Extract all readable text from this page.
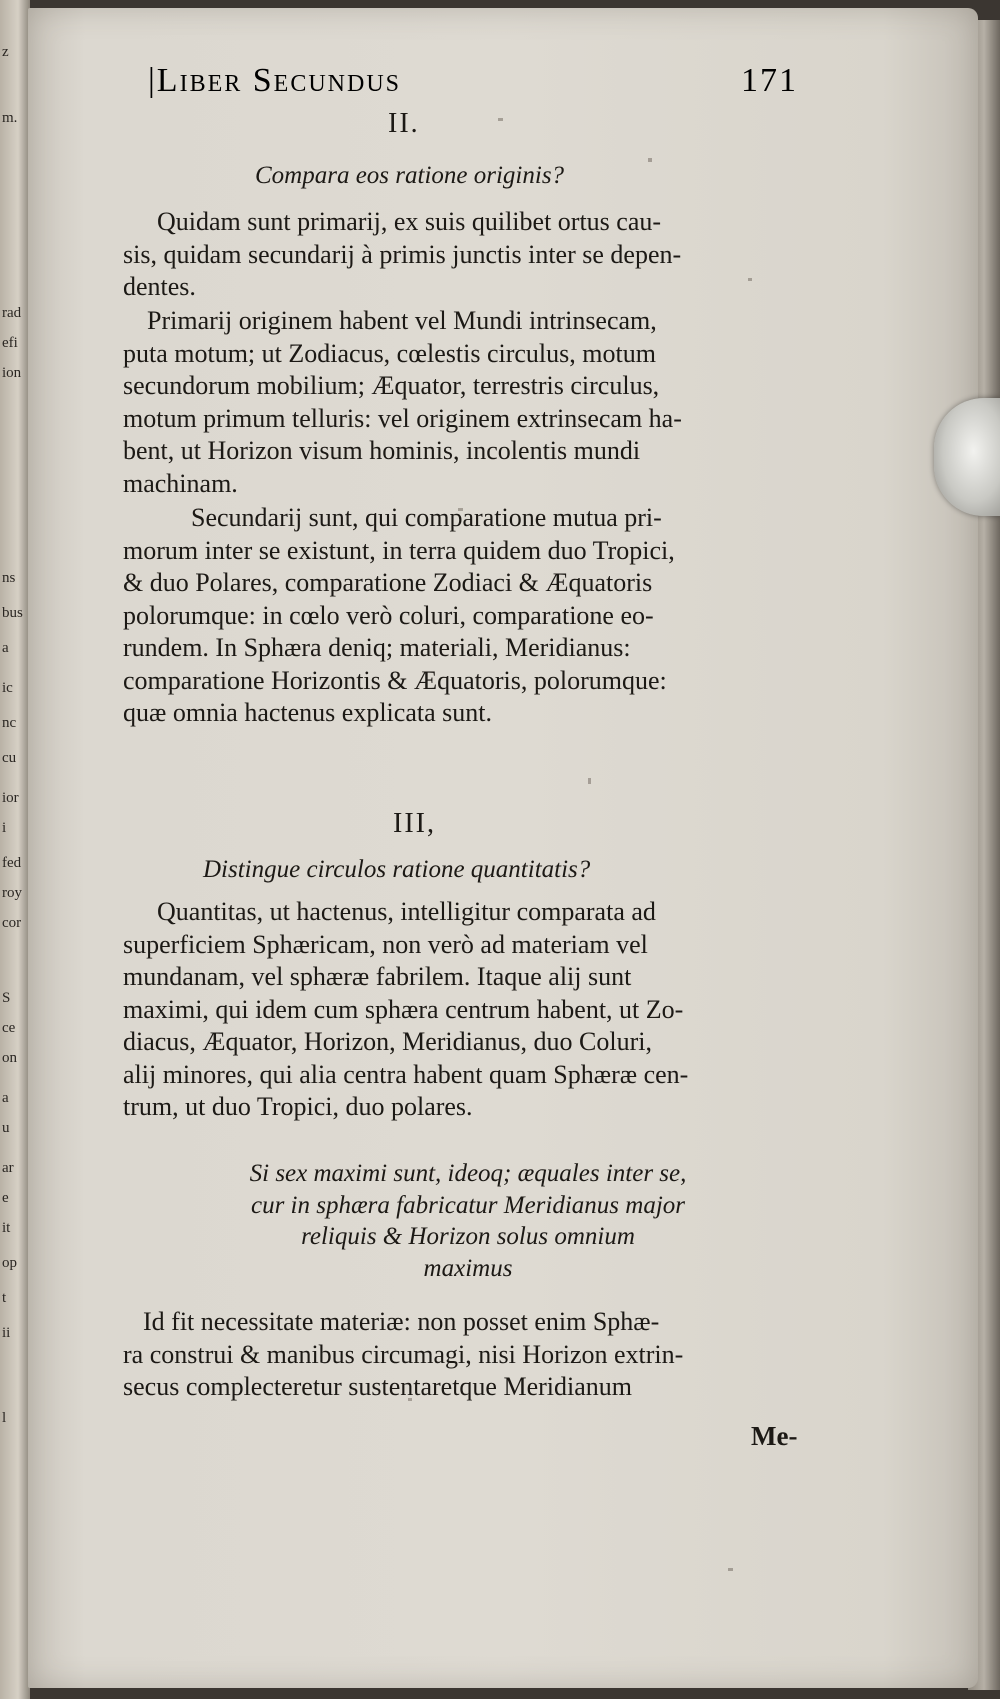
z
m.
rad
efi
ion
ns
bus
a
ic
nc
cu
ior
i
fed
roy
cor
S
ce
on
a
u
ar
e
it
op
t
ii
l
|Liber Secundus	171
II.
Compara eos ratione originis?

Quidam sunt primarij, ex suis quilibet ortus cau-
sis, quidam secundarij à primis junctis inter se depen-
dentes.

Primarij originem habent vel Mundi intrinsecam,
puta motum; ut Zodiacus, cœlestis circulus, motum
secundorum mobilium; Æquator, terrestris circulus,
motum primum telluris: vel originem extrinsecam ha-
bent, ut Horizon visum hominis, incolentis mundi
machinam.

Secundarij sunt, qui comparatione mutua pri-
morum inter se existunt, in terra quidem duo Tropici,
& duo Polares, comparatione Zodiaci & Æquatoris
polorumque: in cœlo verò coluri, comparatione eo-
rundem. In Sphæra deniq; materiali, Meridianus:
comparatione Horizontis & Æquatoris, polorumque:
quæ omnia hactenus explicata sunt.

III,
Distingue circulos ratione quantitatis?

Quantitas, ut hactenus, intelligitur comparata ad
superficiem Sphæricam, non verò ad materiam vel
mundanam, vel sphæræ fabrilem. Itaque alij sunt
maximi, qui idem cum sphæra centrum habent, ut Zo-
diacus, Æquator, Horizon, Meridianus, duo Coluri,
alij minores, qui alia centra habent quam Sphæræ cen-
trum, ut duo Tropici, duo polares.

Si sex maximi sunt, ideoq; æquales inter se,
cur in sphæra fabricatur Meridianus major
reliquis & Horizon solus omnium
maximus

Id fit necessitate materiæ: non posset enim Sphæ-
ra construi & manibus circumagi, nisi Horizon extrin-
secus complecteretur sustentaretque Meridianum

Me-
